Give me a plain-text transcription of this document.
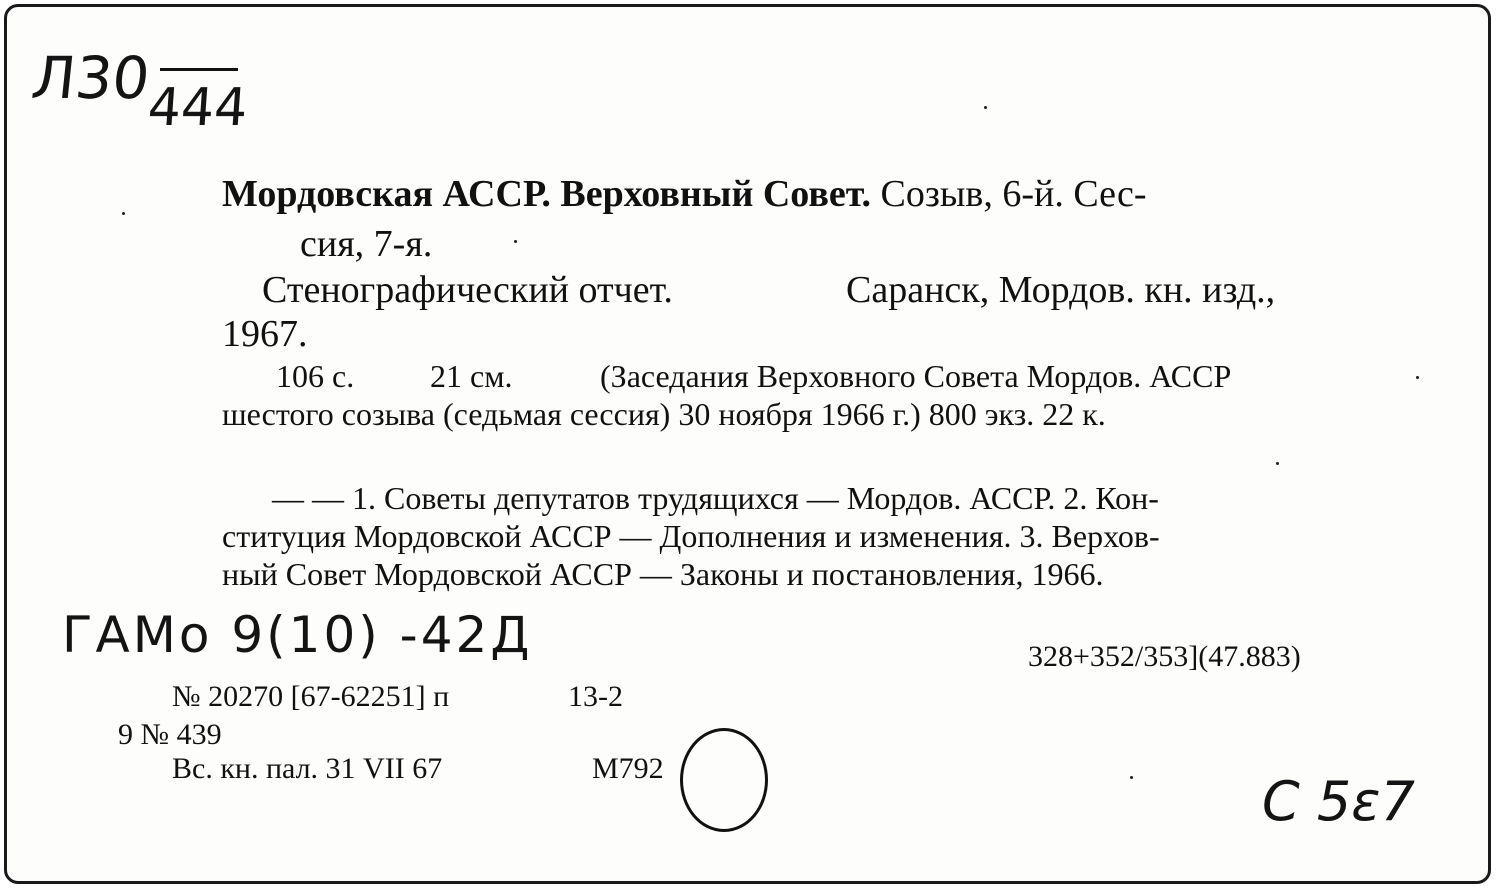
Л30
444
Мордовская АССР. Верховный Совет. Созыв, 6-й. Сес-
сия, 7-я.
Стенографический отчет.	Саранск, Мордов. кн. изд.,
1967.
106 с. 21 см.	(Заседания Верховного Совета Мордов. АССР
шестого созыва (седьмая сессия) 30 ноября 1966 г.) 800 экз. 22 к.
— — 1. Советы депутатов трудящихся — Мордов. АССР. 2. Кон-
ституция Мордовской АССР — Дополнения и изменения. 3. Верхов-
ный Совет Мордовской АССР — Законы и постановления, 1966.
ГАМо 9(10) -42Д	328+352/353](47.883)
№ 20270 [67-62251] п	13-2
9 № 439
Вс. кн. пал. 31 VII 67	М792
С 5ɛ7
